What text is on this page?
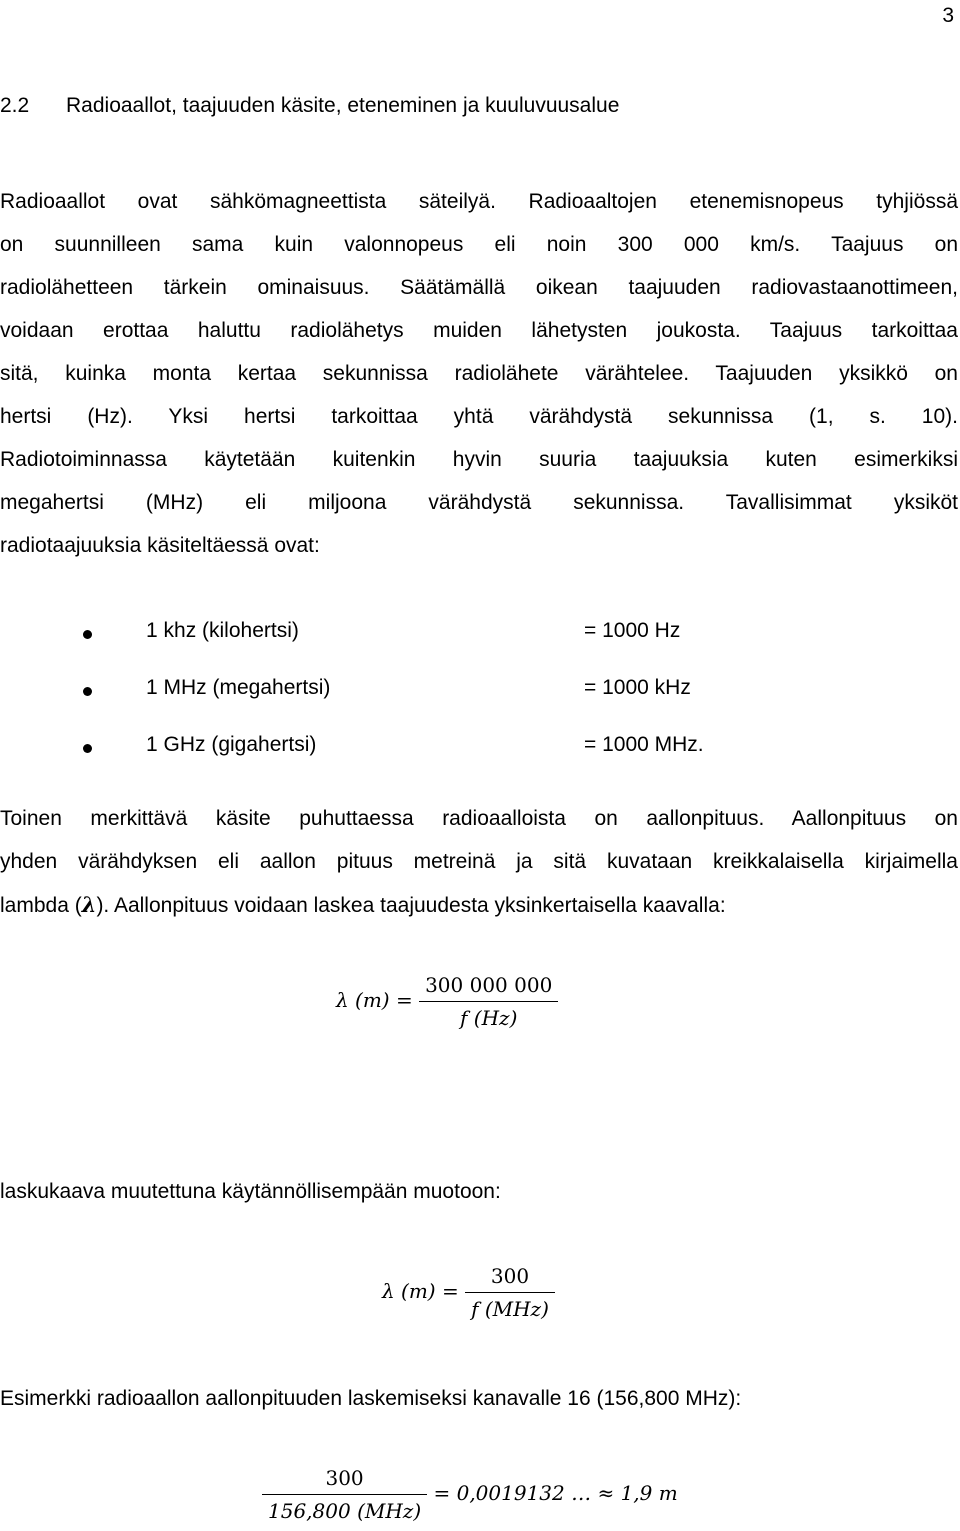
3
2.2 Radioaallot, taajuuden käsite, eteneminen ja kuuluvuusalue
Radioaallot ovat sähkömagneettista säteilyä. Radioaaltojen etenemisnopeus tyhjiössä
on suunnilleen sama kuin valonnopeus eli noin 300 000 km/s. Taajuus on
radiolähetteen tärkein ominaisuus. Säätämällä oikean taajuuden radiovastaanottimeen,
voidaan erottaa haluttu radiolähetys muiden lähetysten joukosta. Taajuus tarkoittaa
sitä, kuinka monta kertaa sekunnissa radiolähete värähtelee. Taajuuden yksikkö on
hertsi (Hz). Yksi hertsi tarkoittaa yhtä värähdystä sekunnissa (1, s. 10).
Radiotoiminnassa käytetään kuitenkin hyvin suuria taajuuksia kuten esimerkiksi
megahertsi (MHz) eli miljoona värähdystä sekunnissa. Tavallisimmat yksiköt
radiotaajuuksia käsiteltäessä ovat:
1 khz (kilohertsi)	= 1000 Hz
1 MHz (megahertsi)	= 1000 kHz
1 GHz (gigahertsi)	= 1000 MHz.
Toinen merkittävä käsite puhuttaessa radioaalloista on aallonpituus. Aallonpituus on
yhden värähdyksen eli aallon pituus metreinä ja sitä kuvataan kreikkalaisella kirjaimella
lambda (λ). Aallonpituus voidaan laskea taajuudesta yksinkertaisella kaavalla:
λ $(m) = \frac{300 000 000}{f (Hz)}$
laskukaava muutettuna käytännöllisempään muotoon:
λ $(m) = \frac{300}{\text{f (MHz)}}$
Esimerkki radioaallon aallonpituuden laskemiseksi kanavalle 16 (156,800 MHz):
$\frac{300}{\text{156,800 (MHz)}} = 0,0019132$ … ≈ 1,9 m
